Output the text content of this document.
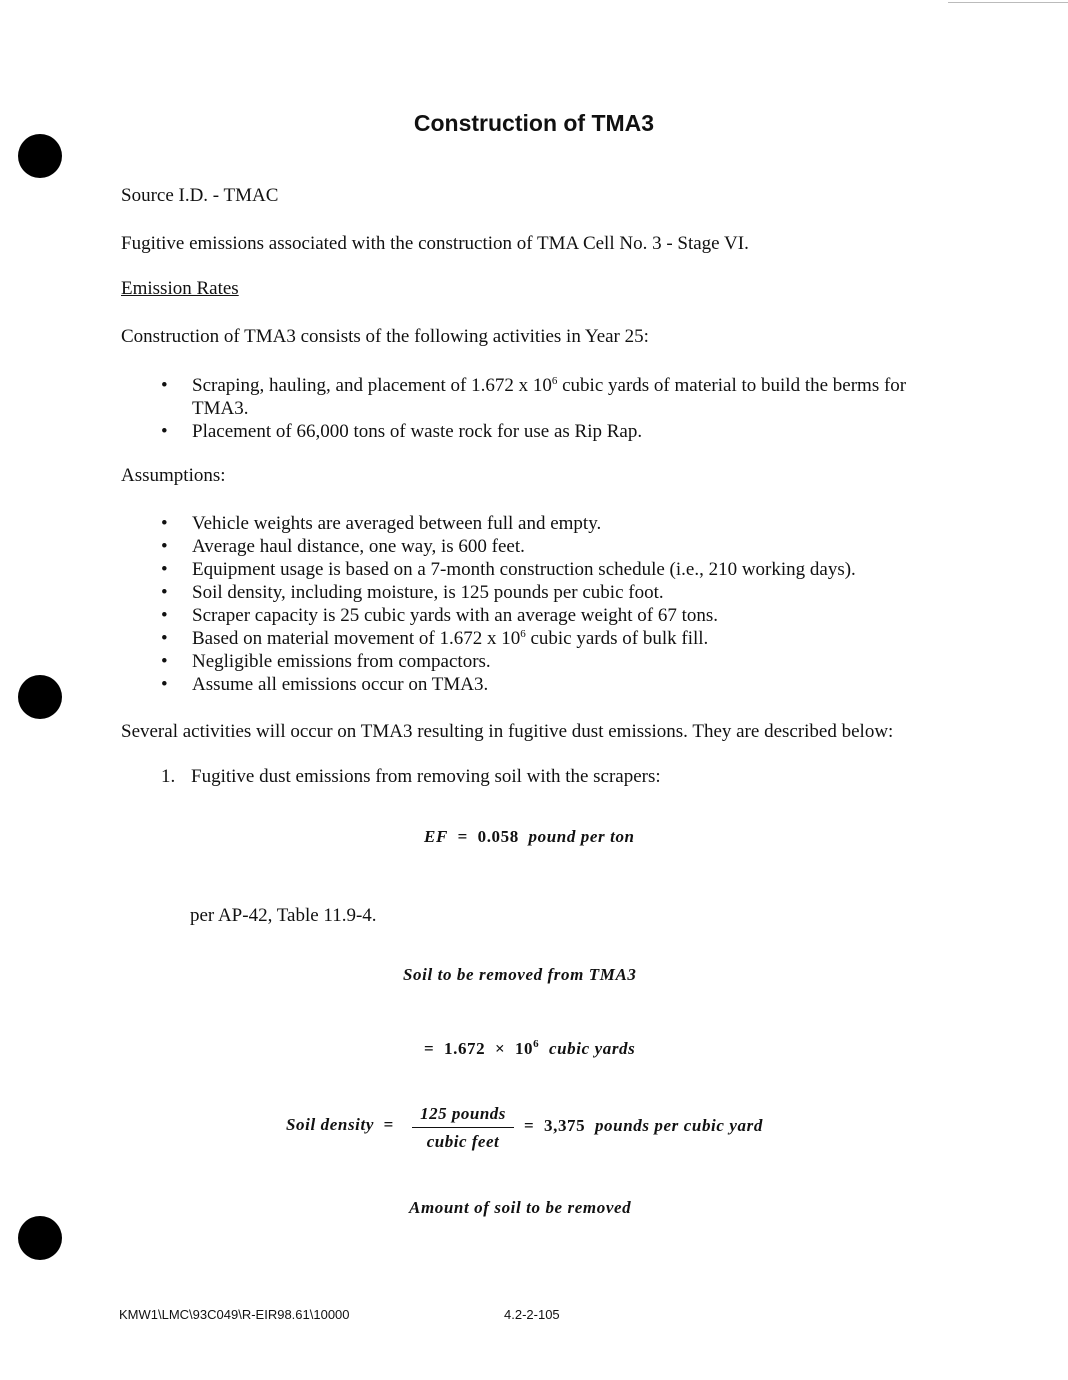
Construction of TMA3
Source I.D. - TMAC
Fugitive emissions associated with the construction of TMA Cell No. 3 - Stage VI.
Emission Rates
Construction of TMA3 consists of the following activities in Year 25:
• Scraping, hauling, and placement of 1.672 x $10^6$ cubic yards of material to build the berms for
TMA3.
• Placement of 66,000 tons of waste rock for use as Rip Rap.
Assumptions:
• Vehicle weights are averaged between full and empty.
• Average haul distance, one way, is 600 feet.
• Equipment usage is based on a 7-month construction schedule (i.e., 210 working days).
• Soil density, including moisture, is 125 pounds per cubic foot.
• Scraper capacity is 25 cubic yards with an average weight of 67 tons.
• Based on material movement of 1.672 x $10^6$ cubic yards of bulk fill.
• Negligible emissions from compactors.
• Assume all emissions occur on TMA3.
Several activities will occur on TMA3 resulting in fugitive dust emissions. They are described below:
1. Fugitive dust emissions from removing soil with the scrapers:
EF = 0.058 pound per ton
per AP-42, Table 11.9-4.
Soil to be removed from TMA3
= $1.672 \times 10^6$ cubic yards
Soil density =
125 pounds
cubic feet
= 3,375 pounds per cubic yard
Amount of soil to be removed
KMW1\LMC\93C049\R-EIR98.61\10000	4.2-2-105
